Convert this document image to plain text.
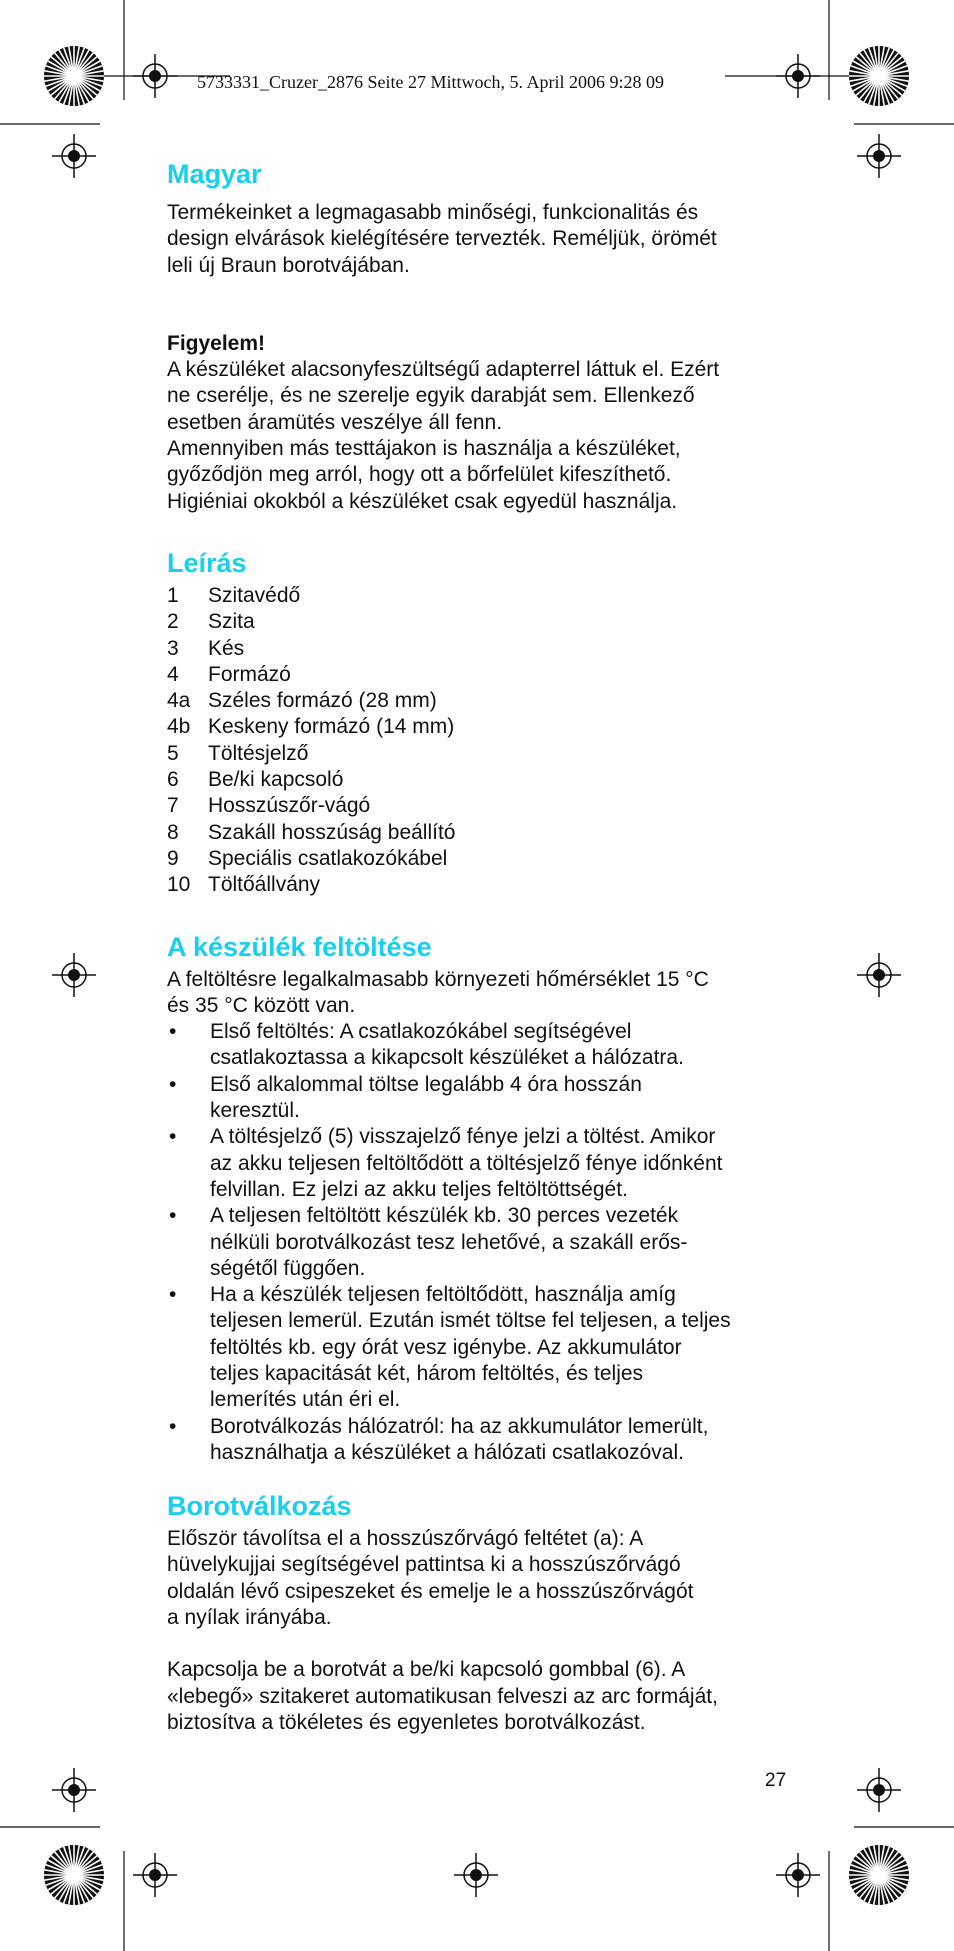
5733331_Cruzer_2876 Seite 27 Mittwoch, 5. April 2006 9:28 09
Magyar

Termékeinket a legmagasabb minőségi, funkcionalitás és
design elvárások kielégítésére tervezték. Reméljük, örömét
leli új Braun borotvájában.

Figyelem!
A készüléket alacsonyfeszültségű adapterrel láttuk el. Ezért
ne cserélje, és ne szerelje egyik darabját sem. Ellenkező
esetben áramütés veszélye áll fenn.
Amennyiben más testtájakon is használja a készüléket,
győződjön meg arról, hogy ott a bőrfelület kifeszíthető.
Higiéniai okokból a készüléket csak egyedül használja.

Leírás
1	Szitavédő
2	Szita
3	Kés
4	Formázó
4a Széles formázó (28 mm)
4b Keskeny formázó (14 mm)
5	Töltésjelző
6	Be/ki kapcsoló
7	Hosszúszőr-vágó
8	Szakáll hosszúság beállító
9	Speciális csatlakozókábel
10 Töltőállvány
A készülék feltöltése

A feltöltésre legalkalmasabb környezeti hőmérséklet 15 °C
és 35 °C között van.

•	Első feltöltés: A csatlakozókábel segítségével
csatlakoztassa a kikapcsolt készüléket a hálózatra.
•	Első alkalommal töltse legalább 4 óra hosszán
keresztül.
•	A töltésjelző (5) visszajelző fénye jelzi a töltést. Amikor
az akku teljesen feltöltődött a töltésjelző fénye időnként
felvillan. Ez jelzi az akku teljes feltöltöttségét.
•	A teljesen feltöltött készülék kb. 30 perces vezeték
nélküli borotválkozást tesz lehetővé, a szakáll erős-
ségétől függően.
•	Ha a készülék teljesen feltöltődött, használja amíg
teljesen lemerül. Ezután ismét töltse fel teljesen, a teljes
feltöltés kb. egy órát vesz igénybe. Az akkumulátor
teljes kapacitását két, három feltöltés, és teljes
lemerítés után éri el.
•	Borotválkozás hálózatról: ha az akkumulátor lemerült,
használhatja a készüléket a hálózati csatlakozóval.
Borotválkozás

Először távolítsa el a hosszúszőrvágó feltétet (a): A
hüvelykujjai segítségével pattintsa ki a hosszúszőrvágó
oldalán lévő csipeszeket és emelje le a hosszúszőrvágót
a nyílak irányába.

Kapcsolja be a borotvát a be/ki kapcsoló gombbal (6). A
«lebegő» szitakeret automatikusan felveszi az arc formáját,
biztosítva a tökéletes és egyenletes borotválkozást.

27
